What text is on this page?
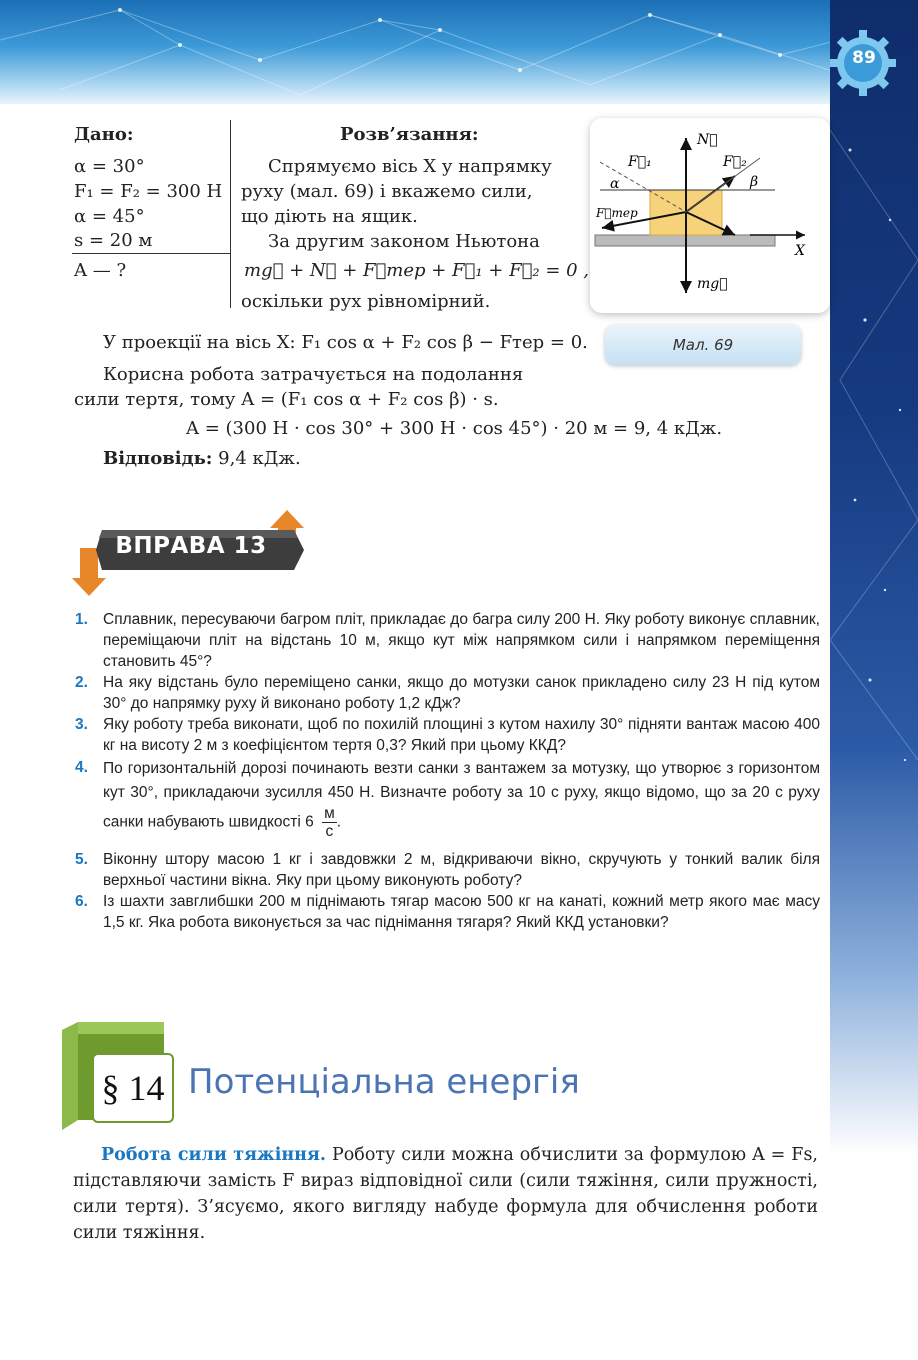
89
Дано:
α = 30°
F₁ = F₂ = 300 Н
α = 45°
s = 20 м
A — ?
Розв’язання:
Спрямуємо вісь X у напрямку
руху (мал. 69) і вкажемо сили,
що діють на ящик.
За другим законом Ньютона
mg⃗ + N⃗ + F⃗тер + F⃗₁ + F⃗₂ = 0 ,
оскільки рух рівномірний.
N⃗
F⃗₁	F⃗₂
F⃗тер
α	β
X
mg⃗
Мал. 69
У проекції на вісь X: F₁ cos α + F₂ cos β − Fтер = 0.
Корисна робота затрачується на подолання
сили тертя, тому A = (F₁ cos α + F₂ cos β) · s.
A = (300 Н · cos 30° + 300 Н · cos 45°) · 20 м = 9, 4 кДж.
Відповідь: 9,4 кДж.
ВПРАВА 13
1. Сплавник, пересуваючи багром пліт, прикладає до багра силу 200 Н. Яку роботу виконує сплавник, переміщаючи пліт на відстань 10 м, якщо кут між напрямком сили і напрямком переміщення становить 45°?
2. На яку відстань було переміщено санки, якщо до мотузки санок прикладено силу 23 Н під кутом 30° до напрямку руху й виконано роботу 1,2 кДж?
3. Яку роботу треба виконати, щоб по похилій площині з кутом нахилу 30° підняти вантаж масою 400 кг на висоту 2 м з коефіцієнтом тертя 0,3? Який при цьому ККД?
4. По горизонтальній дорозі починають везти санки з вантажем за мотузку, що утворює з горизонтом кут 30°, прикладаючи зусилля 450 Н. Визначте роботу за 10 с руху, якщо відомо, що за 20 с руху санки набувають швидкості 6
м
с
.
5. Віконну штору масою 1 кг і завдовжки 2 м, відкриваючи вікно, скручують у тонкий валик біля верхньої частини вікна. Яку при цьому виконують роботу?
6. Із шахти завглибшки 200 м піднімають тягар масою 500 кг на канаті, кожний метр якого має масу 1,5 кг. Яка робота виконується за час піднімання тягаря? Який ККД установки?
§ 14 Потенціальна енергія
Робота сили тяжіння. Роботу сили можна обчислити за формулою A = Fs, підставляючи замість F вираз відповідної сили (сили тяжіння, сили пружності, сили тертя). З’ясуємо, якого вигляду набуде формула для обчислення роботи сили тяжіння.
